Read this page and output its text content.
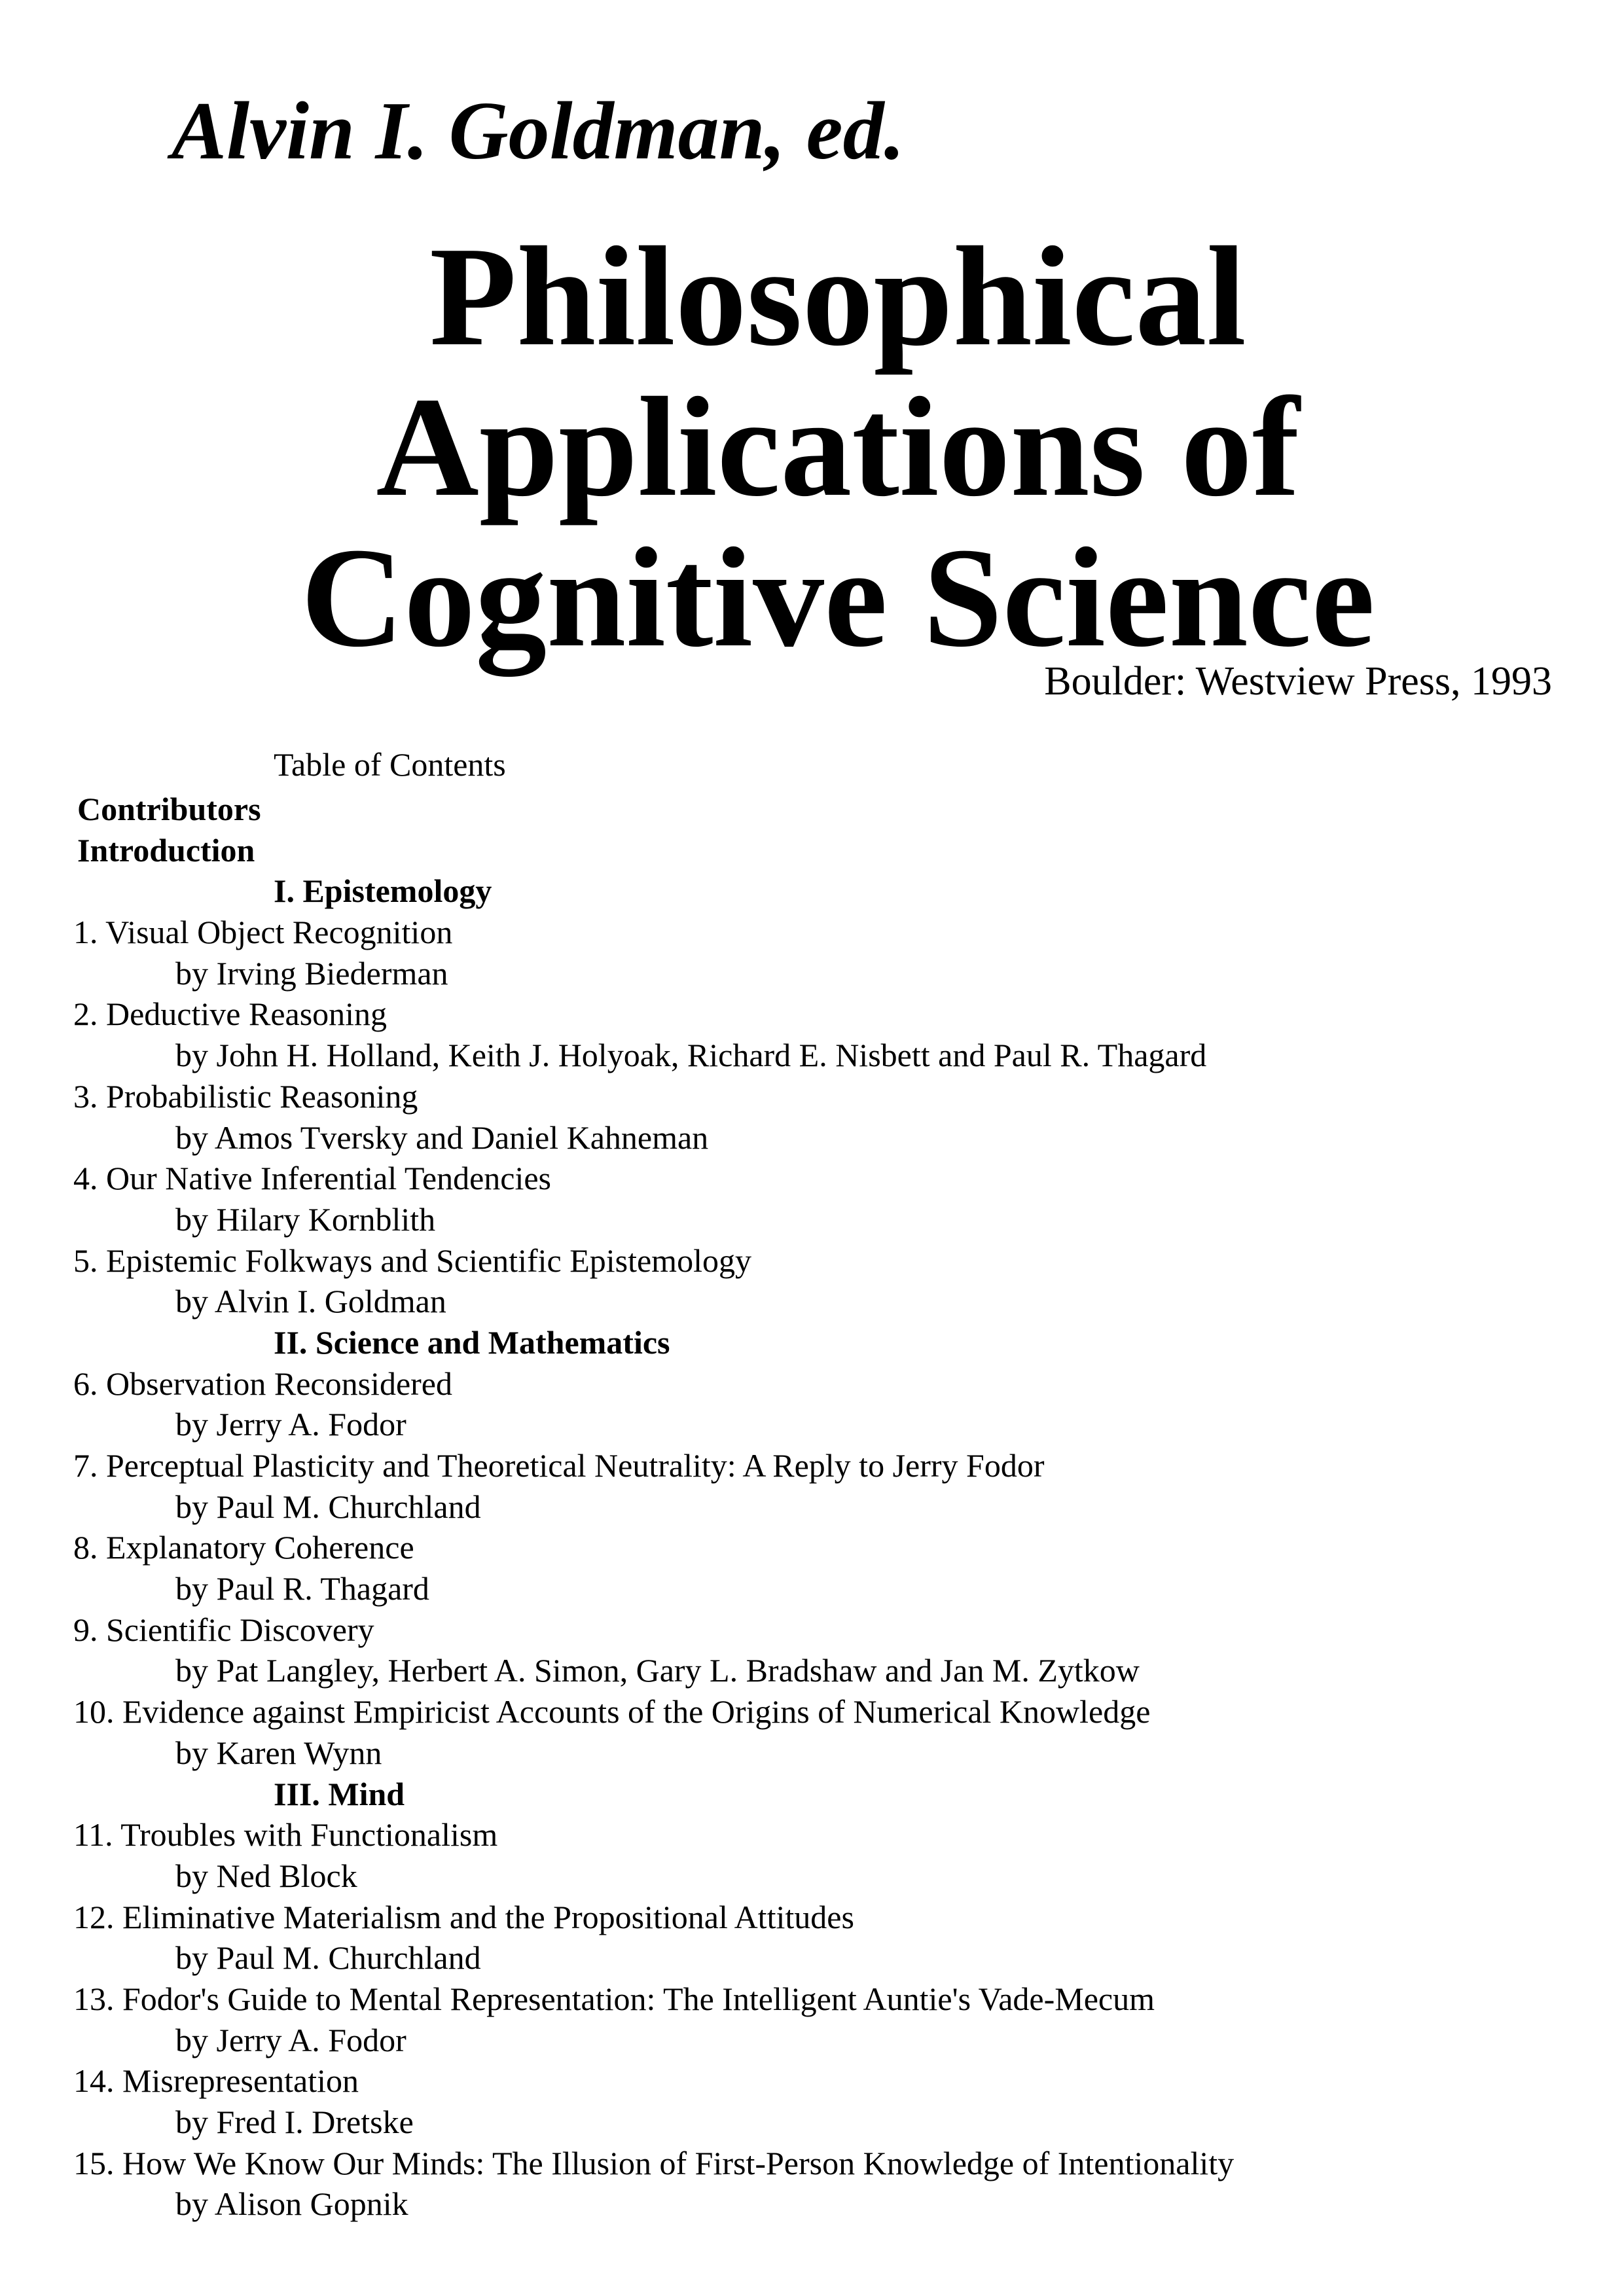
Alvin I. Goldman, ed.
Philosophical
Applications of
Cognitive Science
Boulder: Westview Press, 1993
Table of Contents
Contributors
Introduction
I. Epistemology
1. Visual Object Recognition
by Irving Biederman
2. Deductive Reasoning
by John H. Holland, Keith J. Holyoak, Richard E. Nisbett and Paul R. Thagard
3. Probabilistic Reasoning
by Amos Tversky and Daniel Kahneman
4. Our Native Inferential Tendencies
by Hilary Kornblith
5. Epistemic Folkways and Scientific Epistemology
by Alvin I. Goldman
II. Science and Mathematics
6. Observation Reconsidered
by Jerry A. Fodor
7. Perceptual Plasticity and Theoretical Neutrality: A Reply to Jerry Fodor
by Paul M. Churchland
8. Explanatory Coherence
by Paul R. Thagard
9. Scientific Discovery
by Pat Langley, Herbert A. Simon, Gary L. Bradshaw and Jan M. Zytkow
10. Evidence against Empiricist Accounts of the Origins of Numerical Knowledge
by Karen Wynn
III. Mind
11. Troubles with Functionalism
by Ned Block
12. Eliminative Materialism and the Propositional Attitudes
by Paul M. Churchland
13. Fodor's Guide to Mental Representation: The Intelligent Auntie's Vade-Mecum
by Jerry A. Fodor
14. Misrepresentation
by Fred I. Dretske
15. How We Know Our Minds: The Illusion of First-Person Knowledge of Intentionality
by Alison Gopnik
